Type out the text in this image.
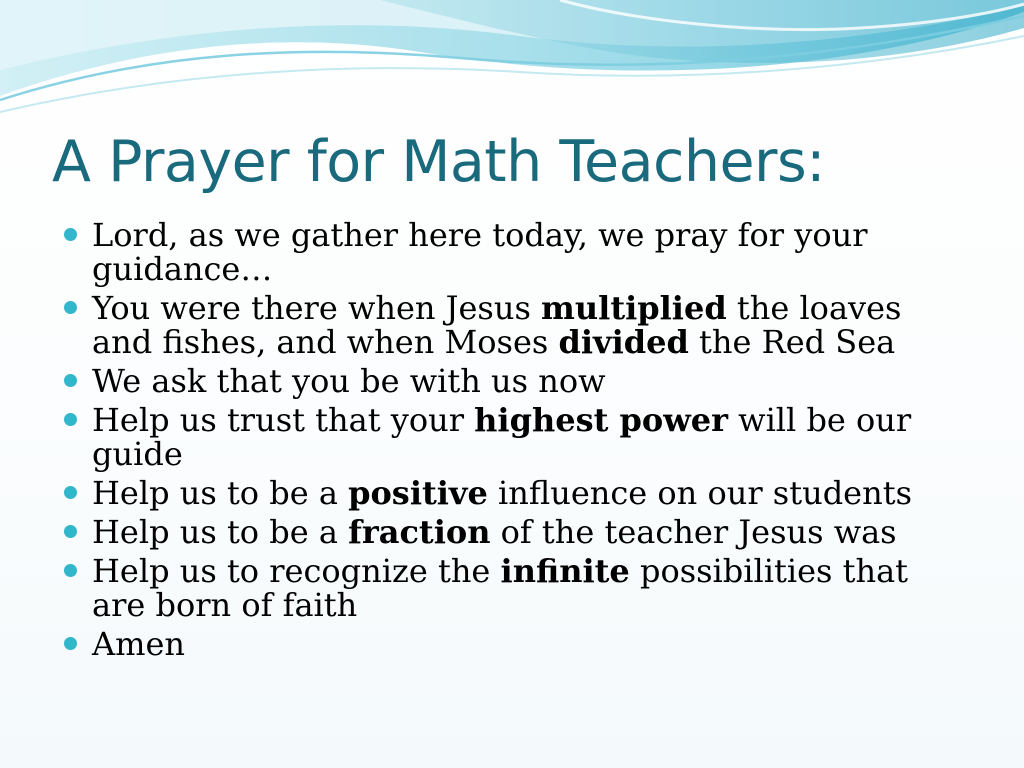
A Prayer for Math Teachers:
Lord, as we gather here today, we pray for your guidance…
You were there when Jesus multiplied the loaves and fishes, and when Moses divided the Red Sea
We ask that you be with us now
Help us trust that your highest power will be our guide
Help us to be a positive influence on our students
Help us to be a fraction of the teacher Jesus was
Help us to recognize the infinite possibilities that are born of faith
Amen
